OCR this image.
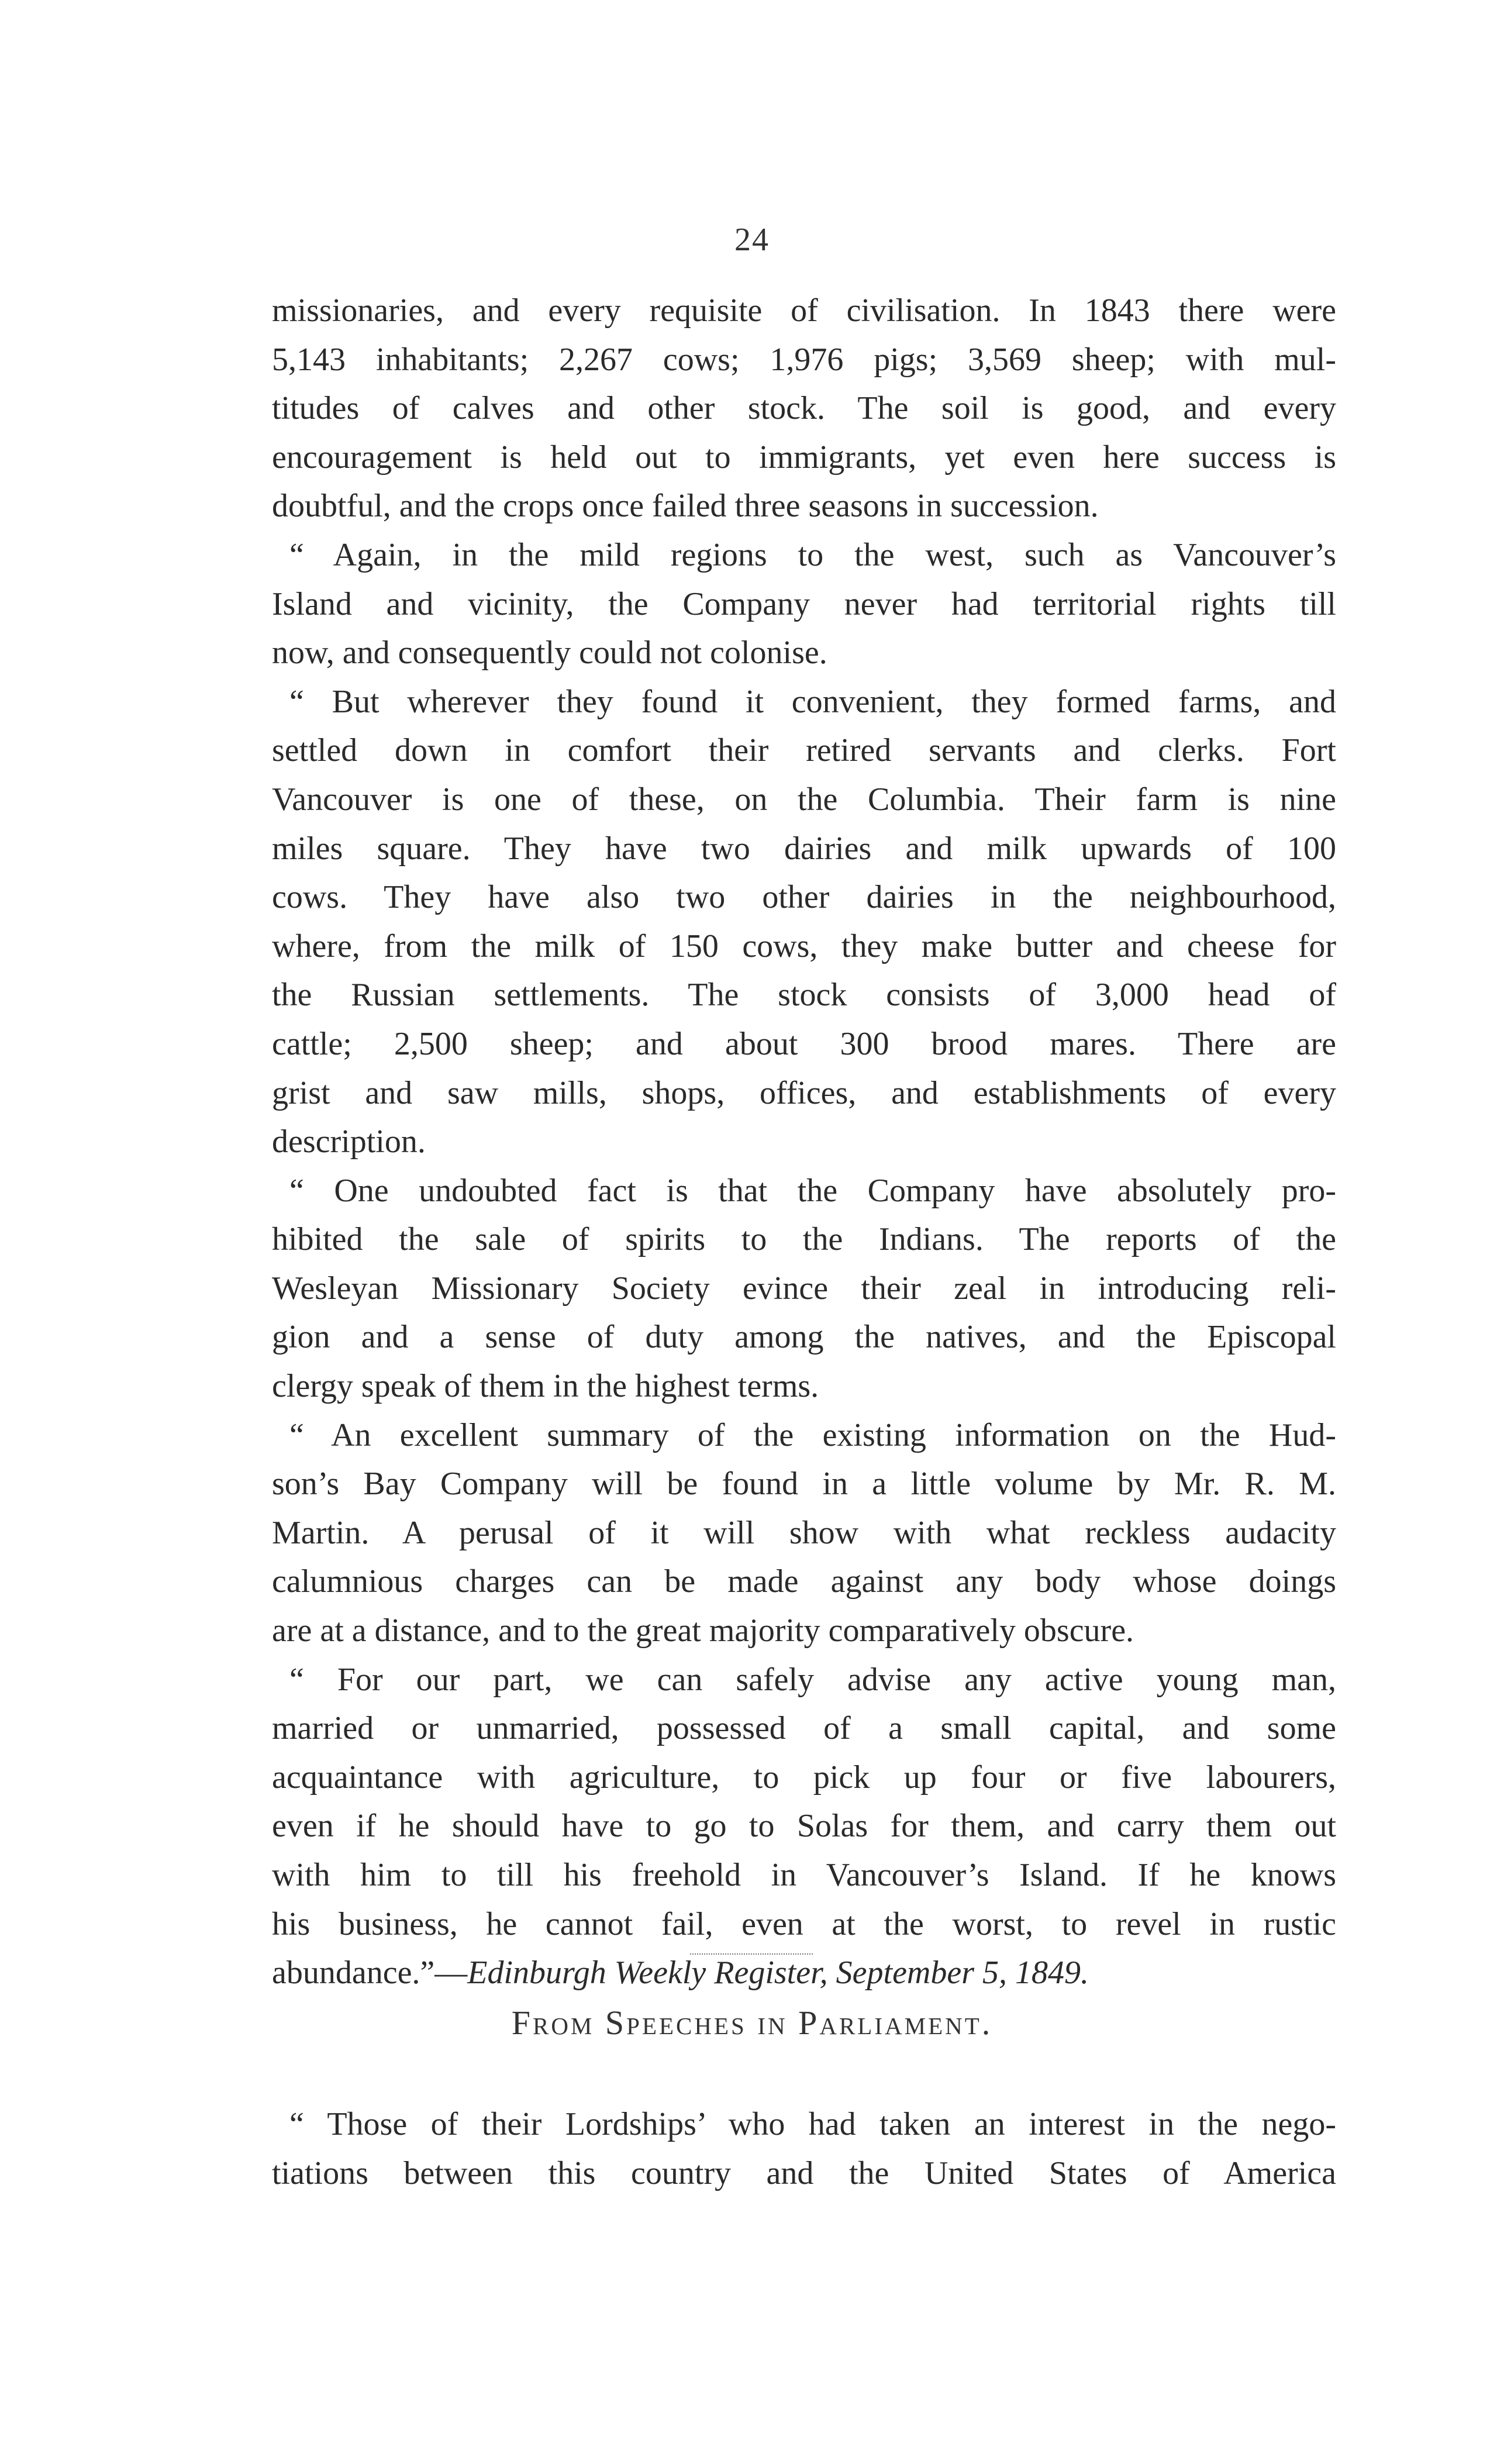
24

missionaries, and every requisite of civilisation. In 1843 there were
5,143 inhabitants; 2,267 cows; 1,976 pigs; 3,569 sheep; with mul-
titudes of calves and other stock. The soil is good, and every
encouragement is held out to immigrants, yet even here success is
doubtful, and the crops once failed three seasons in succession.

“ Again, in the mild regions to the west, such as Vancouver’s
Island and vicinity, the Company never had territorial rights till
now, and consequently could not colonise.

“ But wherever they found it convenient, they formed farms, and
settled down in comfort their retired servants and clerks. Fort
Vancouver is one of these, on the Columbia. Their farm is nine
miles square. They have two dairies and milk upwards of 100
cows. They have also two other dairies in the neighbourhood,
where, from the milk of 150 cows, they make butter and cheese for
the Russian settlements. The stock consists of 3,000 head of
cattle; 2,500 sheep; and about 300 brood mares. There are
grist and saw mills, shops, offices, and establishments of every
description.

“ One undoubted fact is that the Company have absolutely pro-
hibited the sale of spirits to the Indians. The reports of the
Wesleyan Missionary Society evince their zeal in introducing reli-
gion and a sense of duty among the natives, and the Episcopal
clergy speak of them in the highest terms.

“ An excellent summary of the existing information on the Hud-
son’s Bay Company will be found in a little volume by Mr. R. M.
Martin. A perusal of it will show with what reckless audacity
calumnious charges can be made against any body whose doings
are at a distance, and to the great majority comparatively obscure.

“ For our part, we can safely advise any active young man,
married or unmarried, possessed of a small capital, and some
acquaintance with agriculture, to pick up four or five labourers,
even if he should have to go to Solas for them, and carry them out
with him to till his freehold in Vancouver’s Island. If he knows
his business, he cannot fail, even at the worst, to revel in rustic
abundance.”—Edinburgh Weekly Register, September 5, 1849.

From Speeches in Parliament.

“ Those of their Lordships’ who had taken an interest in the nego-
tiations between this country and the United States of America
